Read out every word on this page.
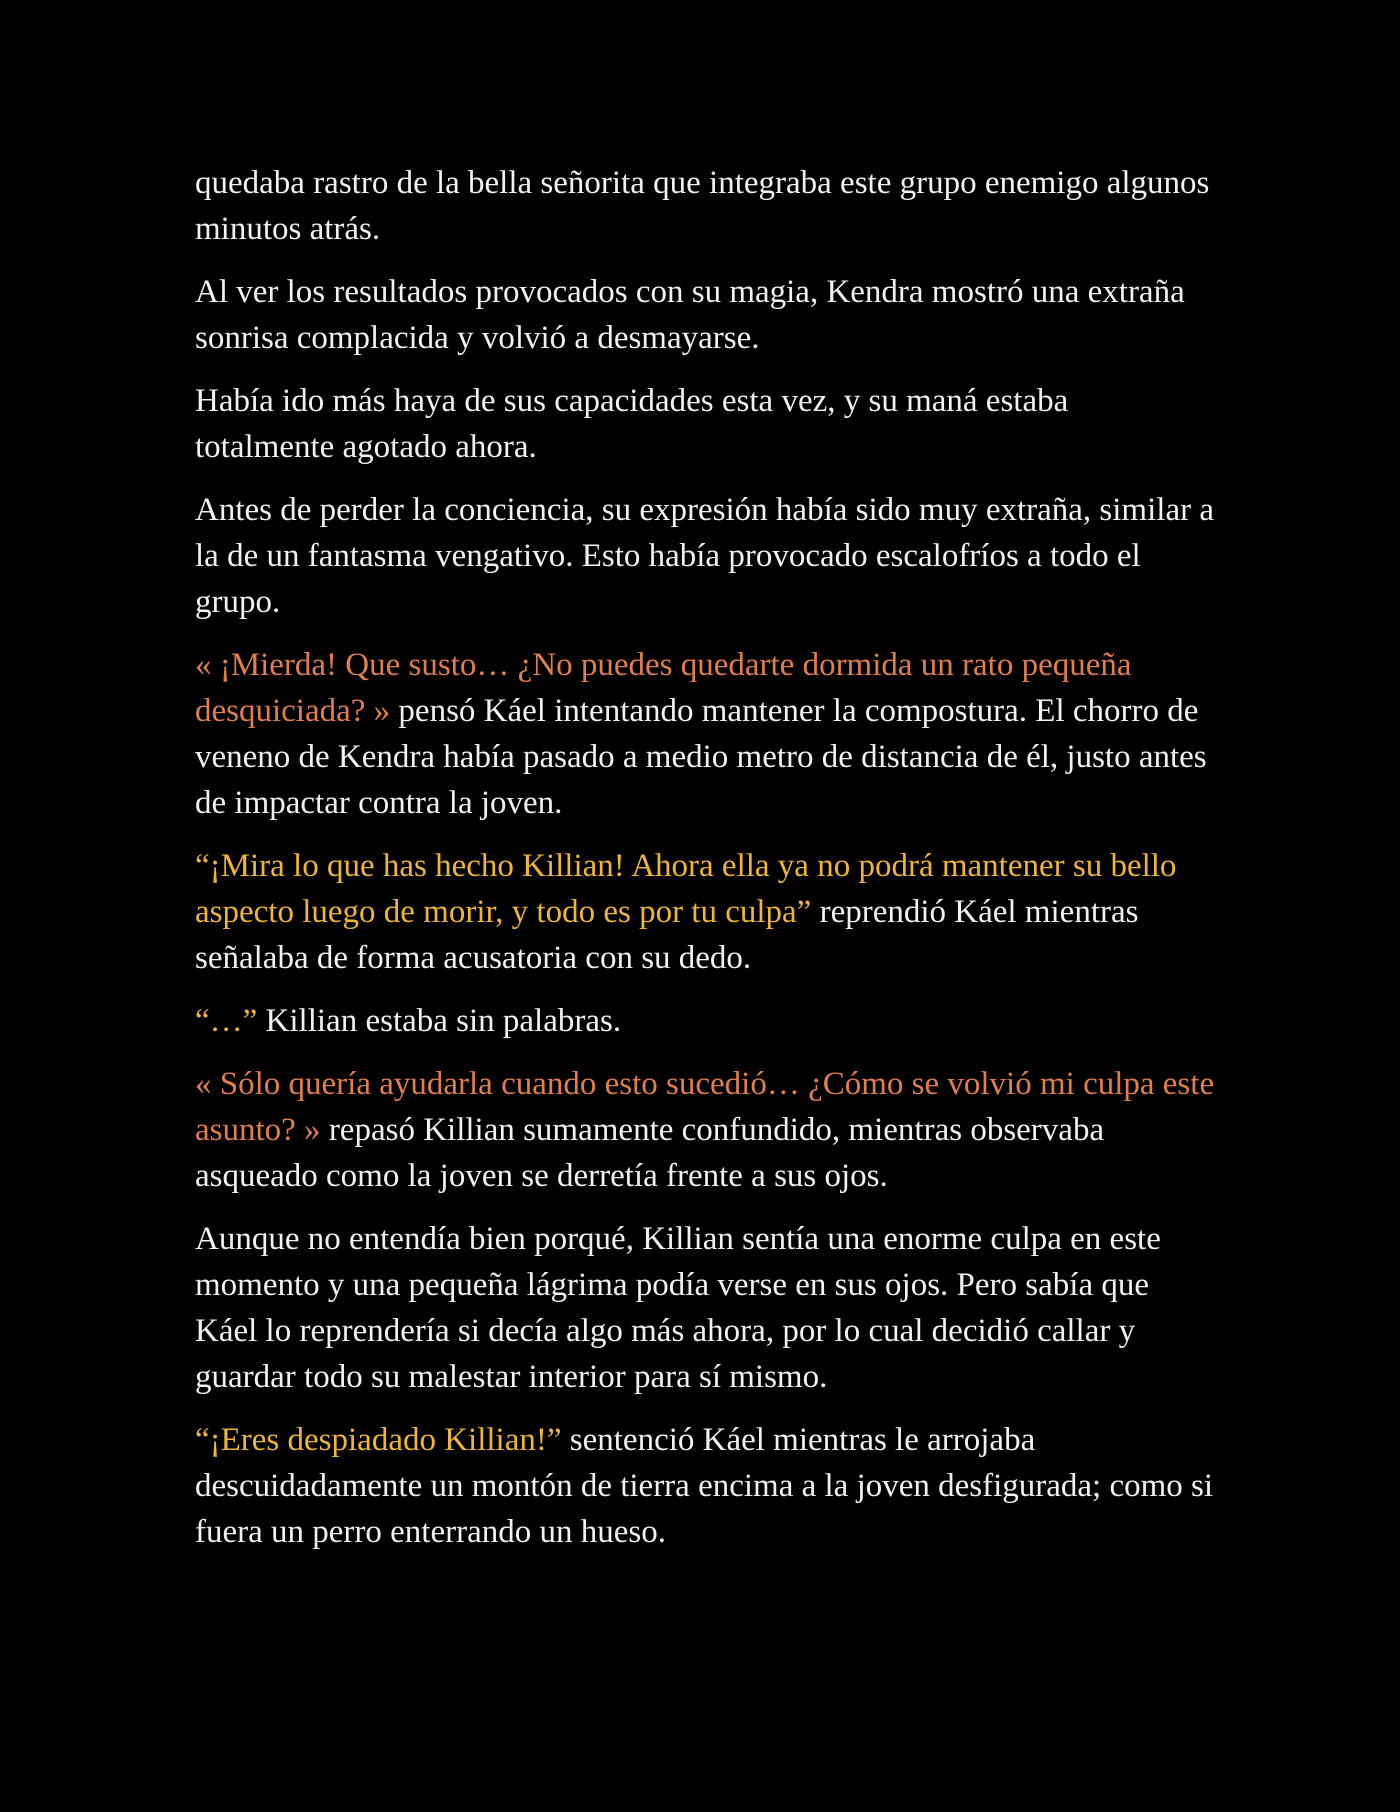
quedaba rastro de la bella señorita que integraba este grupo enemigo algunos minutos atrás.

Al ver los resultados provocados con su magia, Kendra mostró una extraña sonrisa complacida y volvió a desmayarse.

Había ido más haya de sus capacidades esta vez, y su maná estaba totalmente agotado ahora.

Antes de perder la conciencia, su expresión había sido muy extraña, similar a la de un fantasma vengativo. Esto había provocado escalofríos a todo el grupo.

« ¡Mierda! Que susto… ¿No puedes quedarte dormida un rato pequeña desquiciada? » pensó Káel intentando mantener la compostura. El chorro de veneno de Kendra había pasado a medio metro de distancia de él, justo antes de impactar contra la joven.

“¡Mira lo que has hecho Killian! Ahora ella ya no podrá mantener su bello aspecto luego de morir, y todo es por tu culpa” reprendió Káel mientras señalaba de forma acusatoria con su dedo.

“…” Killian estaba sin palabras.

« Sólo quería ayudarla cuando esto sucedió… ¿Cómo se volvió mi culpa este asunto? » repasó Killian sumamente confundido, mientras observaba asqueado como la joven se derretía frente a sus ojos.

Aunque no entendía bien porqué, Killian sentía una enorme culpa en este momento y una pequeña lágrima podía verse en sus ojos. Pero sabía que Káel lo reprendería si decía algo más ahora, por lo cual decidió callar y guardar todo su malestar interior para sí mismo.

“¡Eres despiadado Killian!” sentenció Káel mientras le arrojaba descuidadamente un montón de tierra encima a la joven desfigurada; como si fuera un perro enterrando un hueso.
